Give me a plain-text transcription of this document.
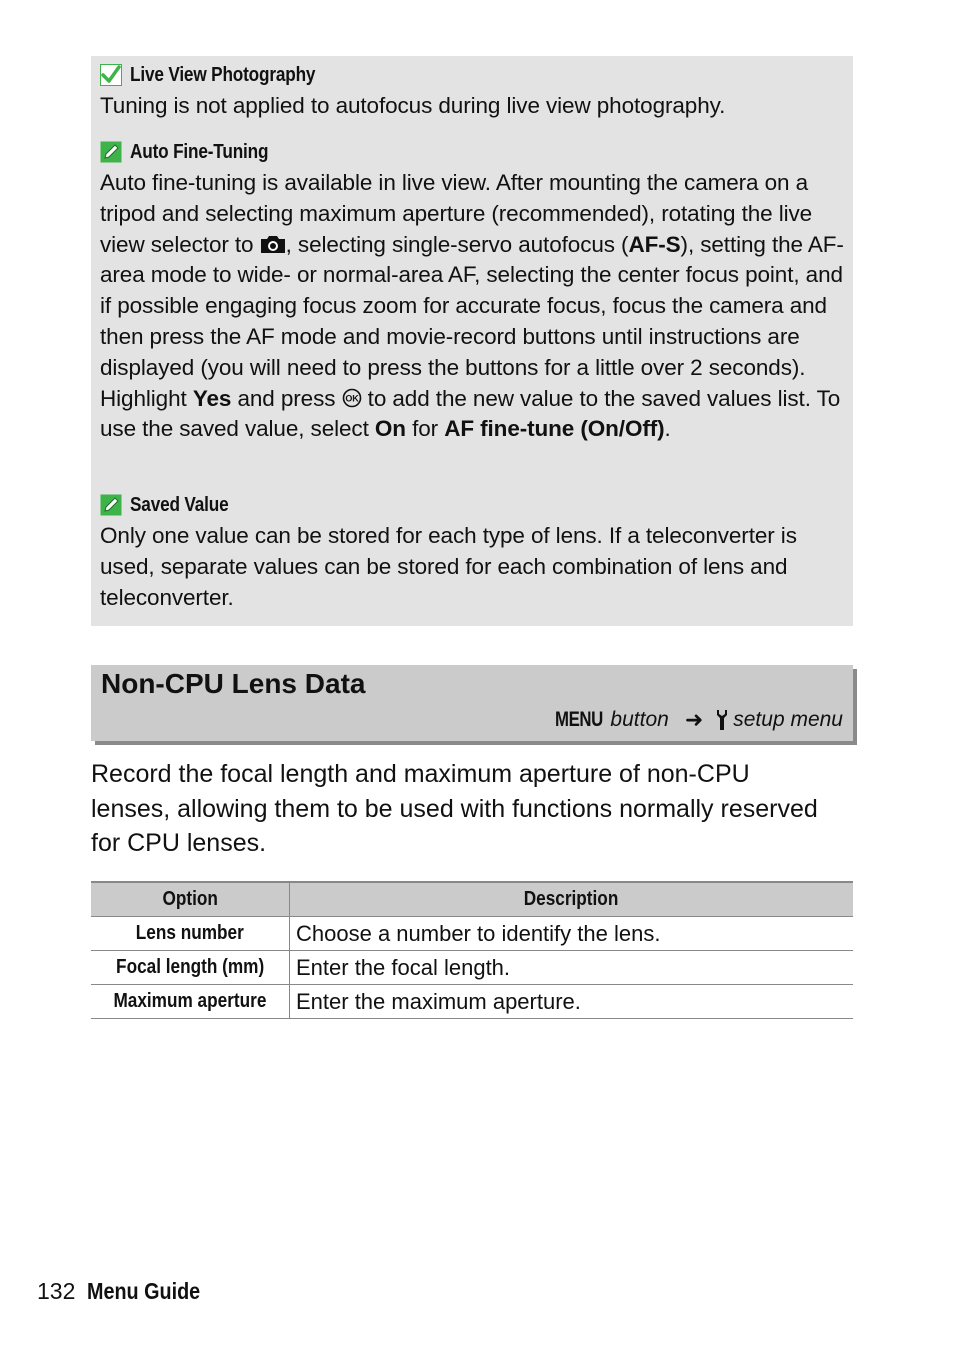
Live View Photography
Tuning is not applied to autofocus during live view photography.
Auto Fine-Tuning
Auto fine-tuning is available in live view. After mounting the camera on a tripod and selecting maximum aperture (recommended), rotating the live view selector to , selecting single-servo autofocus (AF-S), setting the AF-area mode to wide- or normal-area AF, selecting the center focus point, and if possible engaging focus zoom for accurate focus, focus the camera and then press the AF mode and movie-record buttons until instructions are displayed (you will need to press the buttons for a little over 2 seconds). Highlight Yes and press OK to add the new value to the saved values list. To use the saved value, select On for AF fine-tune (On/Off).
Saved Value
Only one value can be stored for each type of lens. If a teleconverter is used, separate values can be stored for each combination of lens and teleconverter.
Non-CPU Lens Data
MENU button ➜ setup menu
Record the focal length and maximum aperture of non-CPU lenses, allowing them to be used with functions normally reserved for CPU lenses.
Option	Description
Lens number	Choose a number to identify the lens.
Focal length (mm)	Enter the focal length.
Maximum aperture	Enter the maximum aperture.
132 Menu Guide
